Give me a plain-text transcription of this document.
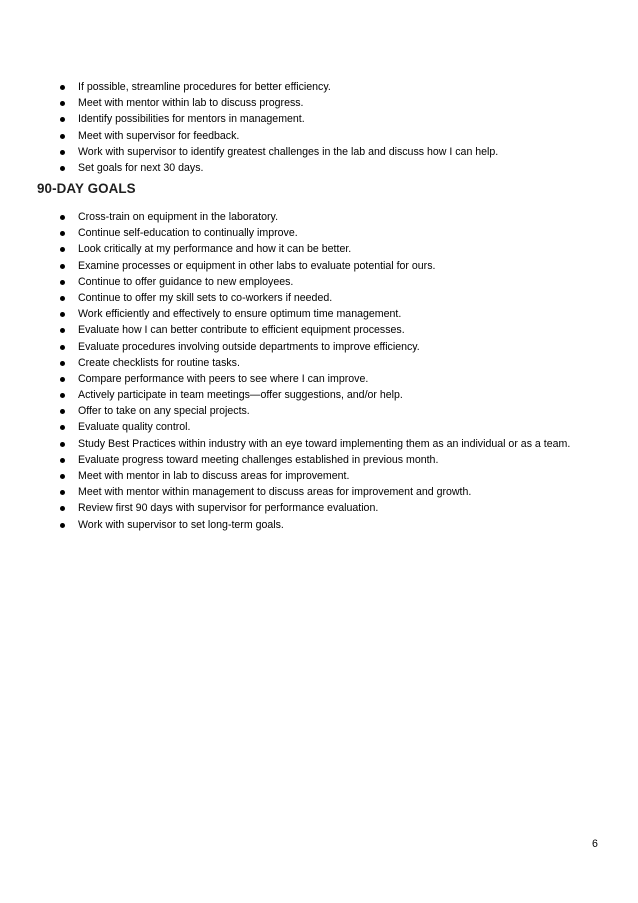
If possible, streamline procedures for better efficiency.
Meet with mentor within lab to discuss progress.
Identify possibilities for mentors in management.
Meet with supervisor for feedback.
Work with supervisor to identify greatest challenges in the lab and discuss how I can help.
Set goals for next 30 days.
90-DAY GOALS
Cross-train on equipment in the laboratory.
Continue self-education to continually improve.
Look critically at my performance and how it can be better.
Examine processes or equipment in other labs to evaluate potential for ours.
Continue to offer guidance to new employees.
Continue to offer my skill sets to co-workers if needed.
Work efficiently and effectively to ensure optimum time management.
Evaluate how I can better contribute to efficient equipment processes.
Evaluate procedures involving outside departments to improve efficiency.
Create checklists for routine tasks.
Compare performance with peers to see where I can improve.
Actively participate in team meetings—offer suggestions, and/or help.
Offer to take on any special projects.
Evaluate quality control.
Study Best Practices within industry with an eye toward implementing them as an individual or as a team.
Evaluate progress toward meeting challenges established in previous month.
Meet with mentor in lab to discuss areas for improvement.
Meet with mentor within management to discuss areas for improvement and growth.
Review first 90 days with supervisor for performance evaluation.
Work with supervisor to set long-term goals.
6
